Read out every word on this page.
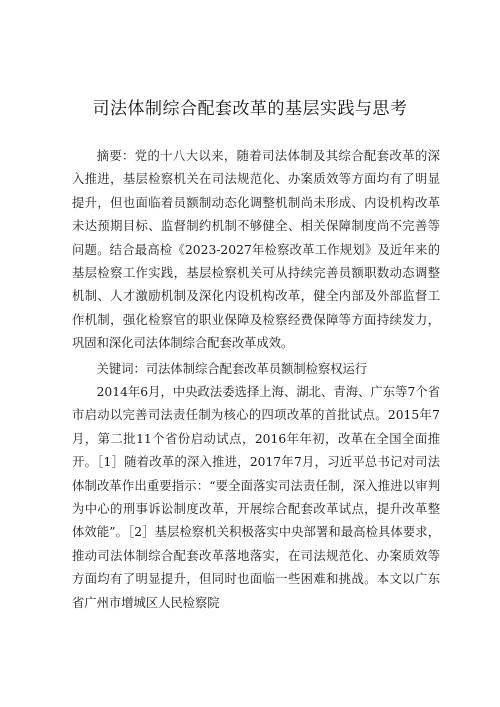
司法体制综合配套改革的基层实践与思考

摘要：党的十八大以来，随着司法体制及其综合配套改革的深入推进，基层检察机关在司法规范化、办案质效等方面均有了明显提升，但也面临着员额制动态化调整机制尚未形成、内设机构改革未达预期目标、监督制约机制不够健全、相关保障制度尚不完善等问题。结合最高检《2023-2027年检察改革工作规划》及近年来的基层检察工作实践，基层检察机关可从持续完善员额职数动态调整机制、人才激励机制及深化内设机构改革，健全内部及外部监督工作机制，强化检察官的职业保障及检察经费保障等方面持续发力，巩固和深化司法体制综合配套改革成效。

关键词：司法体制综合配套改革员额制检察权运行

2014年6月，中央政法委选择上海、湖北、青海、广东等7个省市启动以完善司法责任制为核心的四项改革的首批试点。2015年7月，第二批11个省份启动试点，2016年年初，改革在全国全面推开。［1］随着改革的深入推进，2017年7月，习近平总书记对司法体制改革作出重要指示：“要全面落实司法责任制，深入推进以审判为中心的刑事诉讼制度改革，开展综合配套改革试点，提升改革整体效能”。［2］基层检察机关积极落实中央部署和最高检具体要求，推动司法体制综合配套改革落地落实，在司法规范化、办案质效等方面均有了明显提升，但同时也面临一些困难和挑战。本文以广东省广州市增城区人民检察院
